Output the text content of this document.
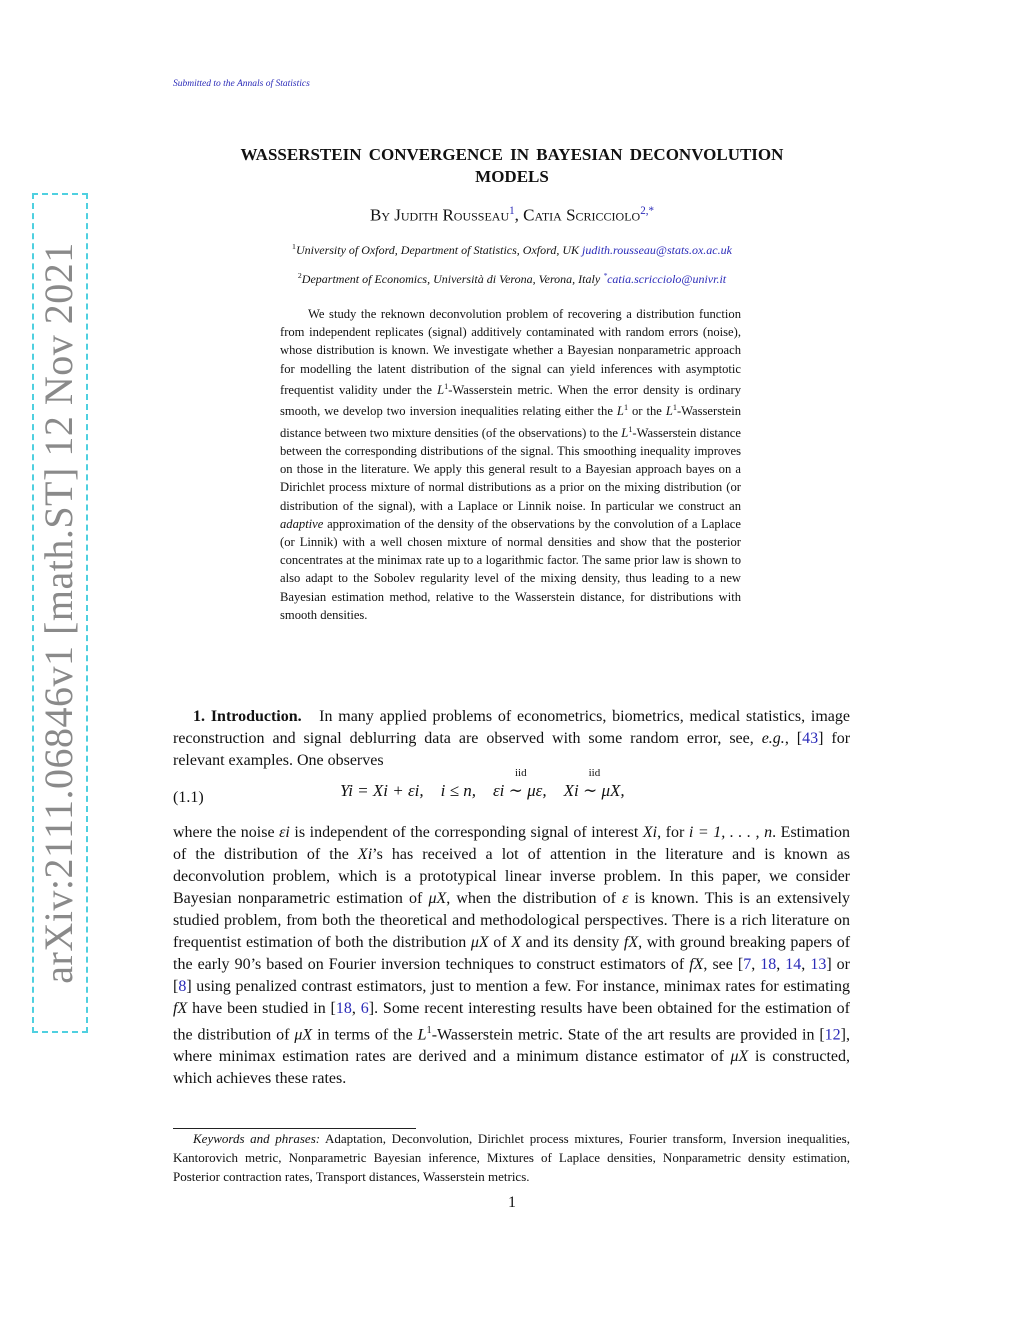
Submitted to the Annals of Statistics
arXiv:2111.06846v1 [math.ST] 12 Nov 2021
WASSERSTEIN CONVERGENCE IN BAYESIAN DECONVOLUTION
MODELS
By Judith Rousseau$^1$, Catia Scricciolo$^{2,*}$
$^1$University of Oxford, Department of Statistics, Oxford, UK judith.rousseau@stats.ox.ac.uk
$^2$Department of Economics, Università di Verona, Verona, Italy *catia.scricciolo@univr.it
We study the reknown deconvolution problem of recovering a distribution function from independent replicates (signal) additively contaminated with random errors (noise), whose distribution is known. We investigate whether a Bayesian nonparametric approach for modelling the latent distribution of the signal can yield inferences with asymptotic frequentist validity under the $L^1$-Wasserstein metric. When the error density is ordinary smooth, we develop two inversion inequalities relating either the $L^1$ or the $L^1$-Wasserstein distance between two mixture densities (of the observations) to the $L^1$-Wasserstein distance between the corresponding distributions of the signal. This smoothing inequality improves on those in the literature. We apply this general result to a Bayesian approach bayes on a Dirichlet process mixture of normal distributions as a prior on the mixing distribution (or distribution of the signal), with a Laplace or Linnik noise. In particular we construct an adaptive approximation of the density of the observations by the convolution of a Laplace (or Linnik) with a well chosen mixture of normal densities and show that the posterior concentrates at the minimax rate up to a logarithmic factor. The same prior law is shown to also adapt to the Sobolev regularity level of the mixing density, thus leading to a new Bayesian estimation method, relative to the Wasserstein distance, for distributions with smooth densities.
1. Introduction. In many applied problems of econometrics, biometrics, medical statistics, image reconstruction and signal deblurring data are observed with some random error, see, e.g., [43] for relevant examples. One observes
(1.1)	Yi = Xi + εi, i ≤ n,
iid
εi ∼ με,
iid
Xi ∼ μX,
where the noise εi is independent of the corresponding signal of interest Xi, for i = 1, . . . , n. Estimation of the distribution of the Xi’s has received a lot of attention in the literature and is known as deconvolution problem, which is a prototypical linear inverse problem. In this paper, we consider Bayesian nonparametric estimation of μX, when the distribution of ε is known. This is an extensively studied problem, from both the theoretical and methodological perspectives. There is a rich literature on frequentist estimation of both the distribution μX of X and its density fX, with ground breaking papers of the early 90’s based on Fourier inversion techniques to construct estimators of fX, see [7, 18, 14, 13] or [8] using penalized contrast estimators, just to mention a few. For instance, minimax rates for estimating fX have been studied in [18, 6]. Some recent interesting results have been obtained for the estimation of the distribution of μX in terms of the $L^1$-Wasserstein metric. State of the art results are provided in [12], where minimax estimation rates are derived and a minimum distance estimator of μX is constructed, which achieves these rates.
Keywords and phrases: Adaptation, Deconvolution, Dirichlet process mixtures, Fourier transform, Inversion inequalities, Kantorovich metric, Nonparametric Bayesian inference, Mixtures of Laplace densities, Nonparametric density estimation, Posterior contraction rates, Transport distances, Wasserstein metrics.
1
